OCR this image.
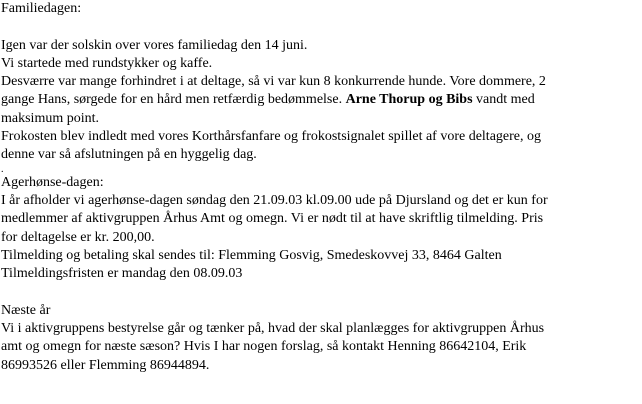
Familiedagen:
Igen var der solskin over vores familiedag den 14 juni.
Vi startede med rundstykker og kaffe.
Desværre var mange forhindret i at deltage, så vi var kun 8 konkurrende hunde. Vore dommere, 2
gange Hans, sørgede for en hård men retfærdig bedømmelse. Arne Thorup og Bibs vandt med
maksimum point.
Frokosten blev indledt med vores Korthårsfanfare og frokostsignalet spillet af vore deltagere, og
denne var så afslutningen på en hyggelig dag.
.
Agerhønse-dagen:
I år afholder vi agerhønse-dagen søndag den 21.09.03 kl.09.00 ude på Djursland og det er kun for
medlemmer af aktivgruppen Århus Amt og omegn. Vi er nødt til at have skriftlig tilmelding. Pris
for deltagelse er kr. 200,00.
Tilmelding og betaling skal sendes til: Flemming Gosvig, Smedeskovvej 33, 8464 Galten
Tilmeldingsfristen er mandag den 08.09.03
Næste år
Vi i aktivgruppens bestyrelse går og tænker på, hvad der skal planlægges for aktivgruppen Århus
amt og omegn for næste sæson? Hvis I har nogen forslag, så kontakt Henning 86642104, Erik
86993526 eller Flemming 86944894.
